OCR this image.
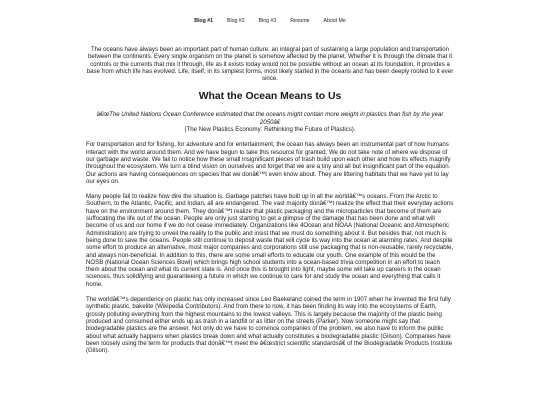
Blog #1	Blog #2	Blog #3	Resume	About Me

The oceans have always been an important part of human culture: an integral part of sustaining a large population and transportation between the continents. Every single organism on the planet is somehow affected by the planet. Whether it is through the climate that it controls or the currents that mix it through, life as it exists today would not be possible without an ocean at its foundation. It provides a base from which life has evolved. Life, itself, in its simplest forms, most likely started in the oceans and has been deeply rooted to it ever since.

What the Ocean Means to Us
â€œThe United Nations Ocean Conference estimated that the oceans might contain more weight in plastics than fish by the year 2050â€
(The New Plastics Economy: Rethinking the Future of Plastics).

For transportation and for fishing, for adventure and for entertainment, the ocean has always been an instrumental part of how humans interact with the world around them. And we have begun to take this resource for granted. We do not take note of where we dispose of our garbage and waste. We fail to notice how these small insignificant pieces of trash build upon each other and how its effects magnify throughout the ecosystem. We turn a blind vision on ourselves and forget that we are a tiny and all but insignificant part of the equation. Our actions are having consequences on species that we donâ€™t even know about. They are littering habitats that we have yet to lay our eyes on.

Many people fail to realize how dire the situation is. Garbage patches have built up in all the worldâ€™s oceans. From the Arctic to Southern, to the Atlantic, Pacific, and Indian, all are endangered. The vast majority donâ€™t realize the effect that their everyday actions have on the environment around them. They donâ€™t realize that plastic packaging and the microparticles that become of them are suffocating the life out of the ocean. People are only just starting to get a glimpse of the damage that has been done and what will become of us and our home if we do not cease immediately. Organizations like 4Ocean and NOAA (National Oceanic and Atmospheric Administration) are trying to unveil the reality to the public and insist that we must do something about it. But besides that, not much is being done to save the oceans. People still continue to deposit waste that will cycle its way into the ocean at alarming rates. And despite some effort to produce an alternative, most major companies and corporations still use packaging that is non-reusable, rarely recyclable, and always non-beneficial. In addition to this, there are some small efforts to educate our youth. One example of this would be the NOSB (National Ocean Sciences Bowl) which brings high school students into a ocean-based trivia competition in an effort to teach them about the ocean and what its current state is. And once this is brought into light, maybe some will take up careers in the ocean sciences, thus solidifying and guaranteeing a future in which we continue to care for and study the ocean and everything that calls it home.

The worldâ€™s dependency on plastic has only increased since Leo Baekeland coined the term in 1907 when he invented the first fully synthetic plastic, bakelite (Wikipedia Contributors). And from there to now, it has been finding its way into the ecosystems of Earth, grossly polluting everything from the highest mountains to the lowest valleys. This is largely because the majority of the plastic being produced and consumed either ends up as trash in a landfill or as litter on the streets (Parker). Now someone might say that biodegradable plastics are the answer. Not only do we have to convince companies of the problem, we also have to inform the public about what actually happens when plastics break down and what actually constitutes a biodegradable plastic (Gilson). Companies have been loosely using the term for products that donâ€™t meet the â€œstrict scientific standardsâ€ of the Biodegradable Products Institute (Gilson).
